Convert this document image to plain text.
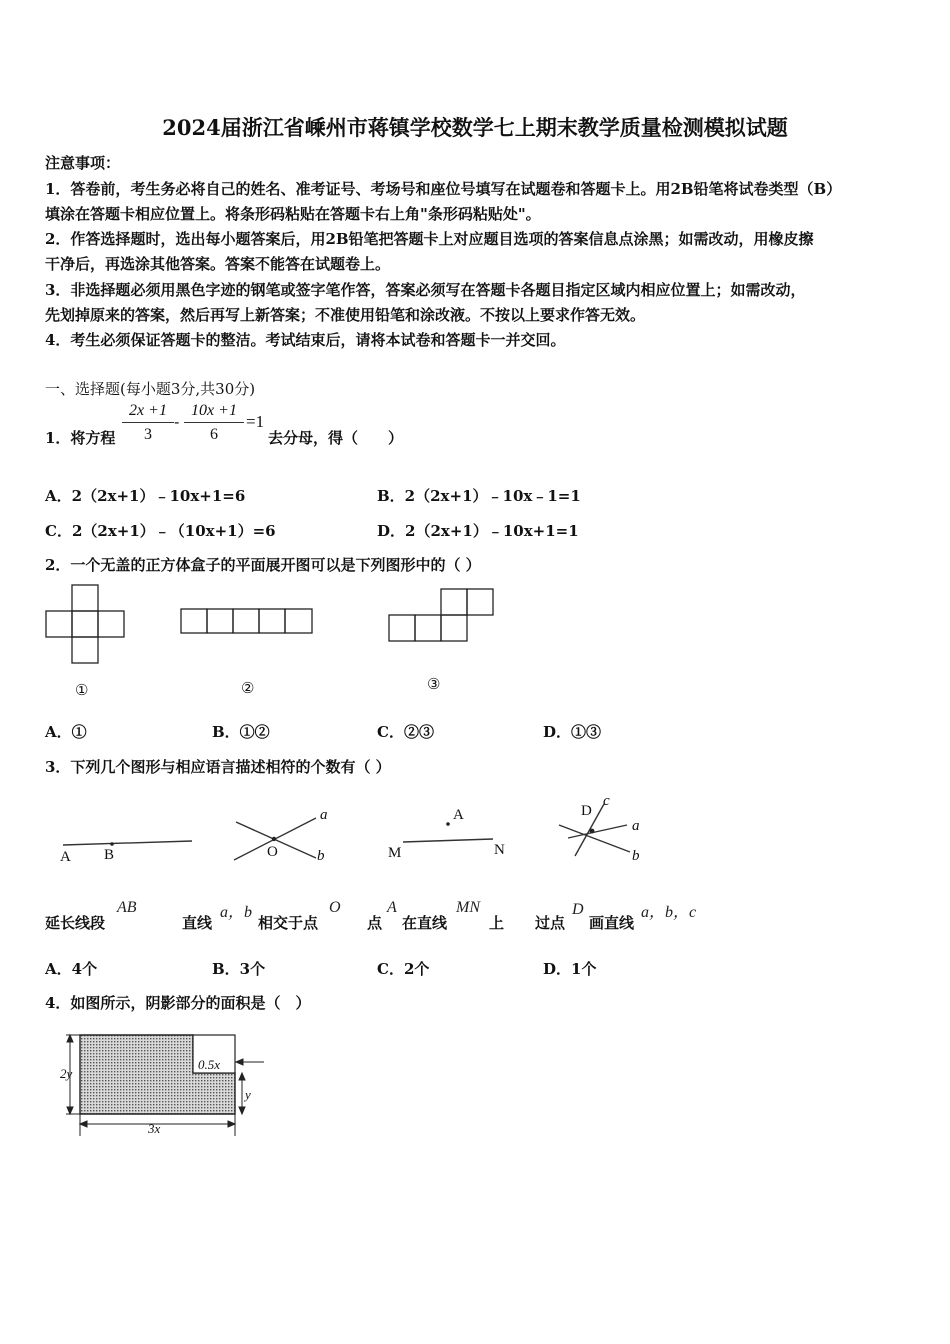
2024届浙江省嵊州市蒋镇学校数学七上期末教学质量检测模拟试题
注意事项：
1．答卷前，考生务必将自己的姓名、准考证号、考场号和座位号填写在试题卷和答题卡上。用2B铅笔将试卷类型（B）
填涂在答题卡相应位置上。将条形码粘贴在答题卡右上角"条形码粘贴处"。
2．作答选择题时，选出每小题答案后，用2B铅笔把答题卡上对应题目选项的答案信息点涂黑；如需改动，用橡皮擦
干净后，再选涂其他答案。答案不能答在试题卷上。
3．非选择题必须用黑色字迹的钢笔或签字笔作答，答案必须写在答题卡各题目指定区域内相应位置上；如需改动，
先划掉原来的答案，然后再写上新答案；不准使用铅笔和涂改液。不按以上要求作答无效。
4．考生必须保证答题卡的整洁。考试结束后，请将本试卷和答题卡一并交回。
一、选择题(每小题3分,共30分)
1．将方程
2x +1
3
-
10x +1
6
=1
去分母，得（　　）
A．2（2x+1）﹣10x+1=6	B．2（2x+1）﹣10x﹣1=1
C．2（2x+1）﹣（10x+1）=6	D．2（2x+1）﹣10x+1=1
2．一个无盖的正方体盒子的平面展开图可以是下列图形中的（ ）
①	②	③
A．①	B．①②	C．②③	D．①③
3．下列几个图形与相应语言描述相符的个数有（ ）
A B
a
b
O
A
M	N
D
c
a
b
延长线段
AB
直线
a，b
相交于点
O
点
A
在直线
MN
上 过点
D
画直线
a，b，c
A．4个	B．3个	C．2个	D．1个
4．如图所示，阴影部分的面积是（　）
2y
0.5x
y
3x
